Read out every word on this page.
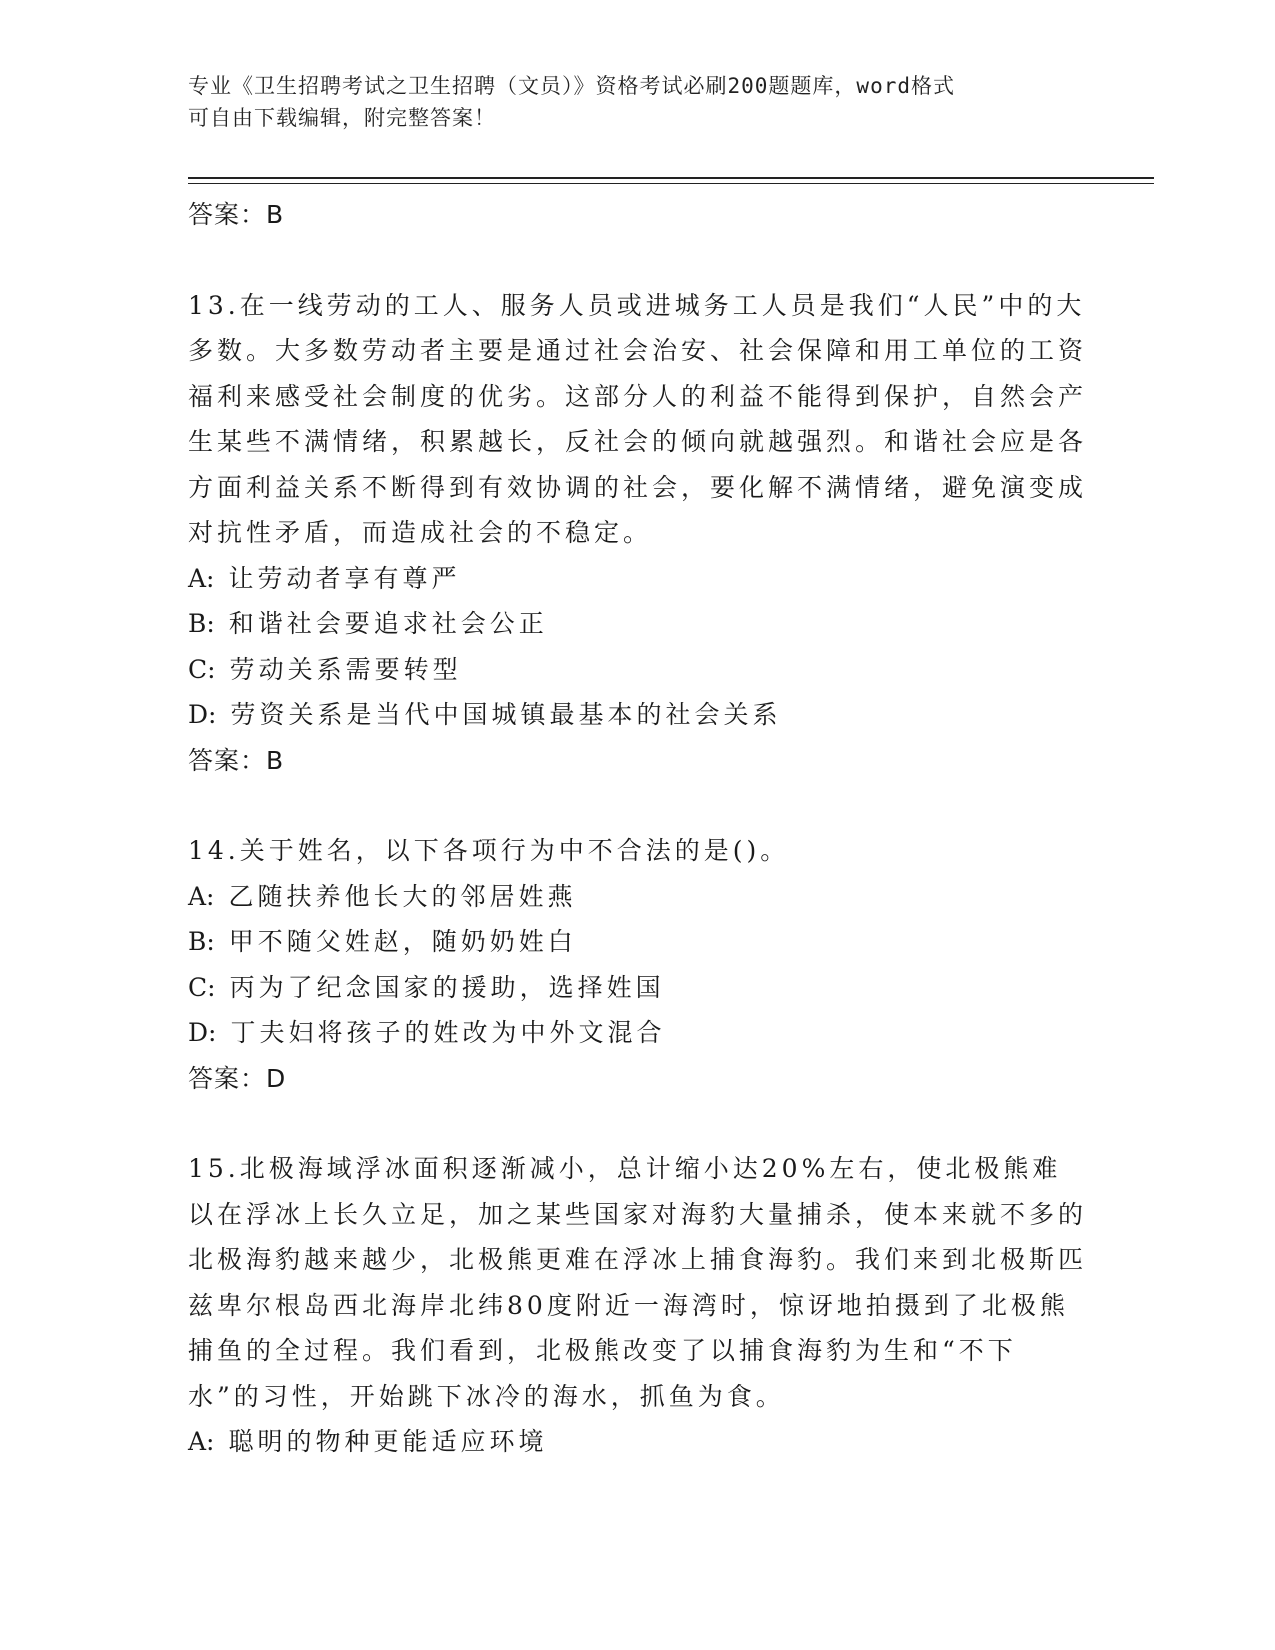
专业《卫生招聘考试之卫生招聘（文员）》资格考试必刷200题题库，word格式
可自由下载编辑，附完整答案！
答案：B
13.在一线劳动的工人、服务人员或进城务工人员是我们“人民”中的大多数。大多数劳动者主要是通过社会治安、社会保障和用工单位的工资福利来感受社会制度的优劣。这部分人的利益不能得到保护，自然会产生某些不满情绪，积累越长，反社会的倾向就越强烈。和谐社会应是各方面利益关系不断得到有效协调的社会，要化解不满情绪，避免演变成对抗性矛盾，而造成社会的不稳定。
A: 让劳动者享有尊严
B: 和谐社会要追求社会公正
C: 劳动关系需要转型
D: 劳资关系是当代中国城镇最基本的社会关系
答案：B
14.关于姓名，以下各项行为中不合法的是()。
A: 乙随扶养他长大的邻居姓燕
B: 甲不随父姓赵，随奶奶姓白
C: 丙为了纪念国家的援助，选择姓国
D: 丁夫妇将孩子的姓改为中外文混合
答案：D
15.北极海域浮冰面积逐渐减小，总计缩小达20%左右，使北极熊难以在浮冰上长久立足，加之某些国家对海豹大量捕杀，使本来就不多的北极海豹越来越少，北极熊更难在浮冰上捕食海豹。我们来到北极斯匹兹卑尔根岛西北海岸北纬80度附近一海湾时，惊讶地拍摄到了北极熊捕鱼的全过程。我们看到，北极熊改变了以捕食海豹为生和“不下水”的习性，开始跳下冰冷的海水，抓鱼为食。
A: 聪明的物种更能适应环境
